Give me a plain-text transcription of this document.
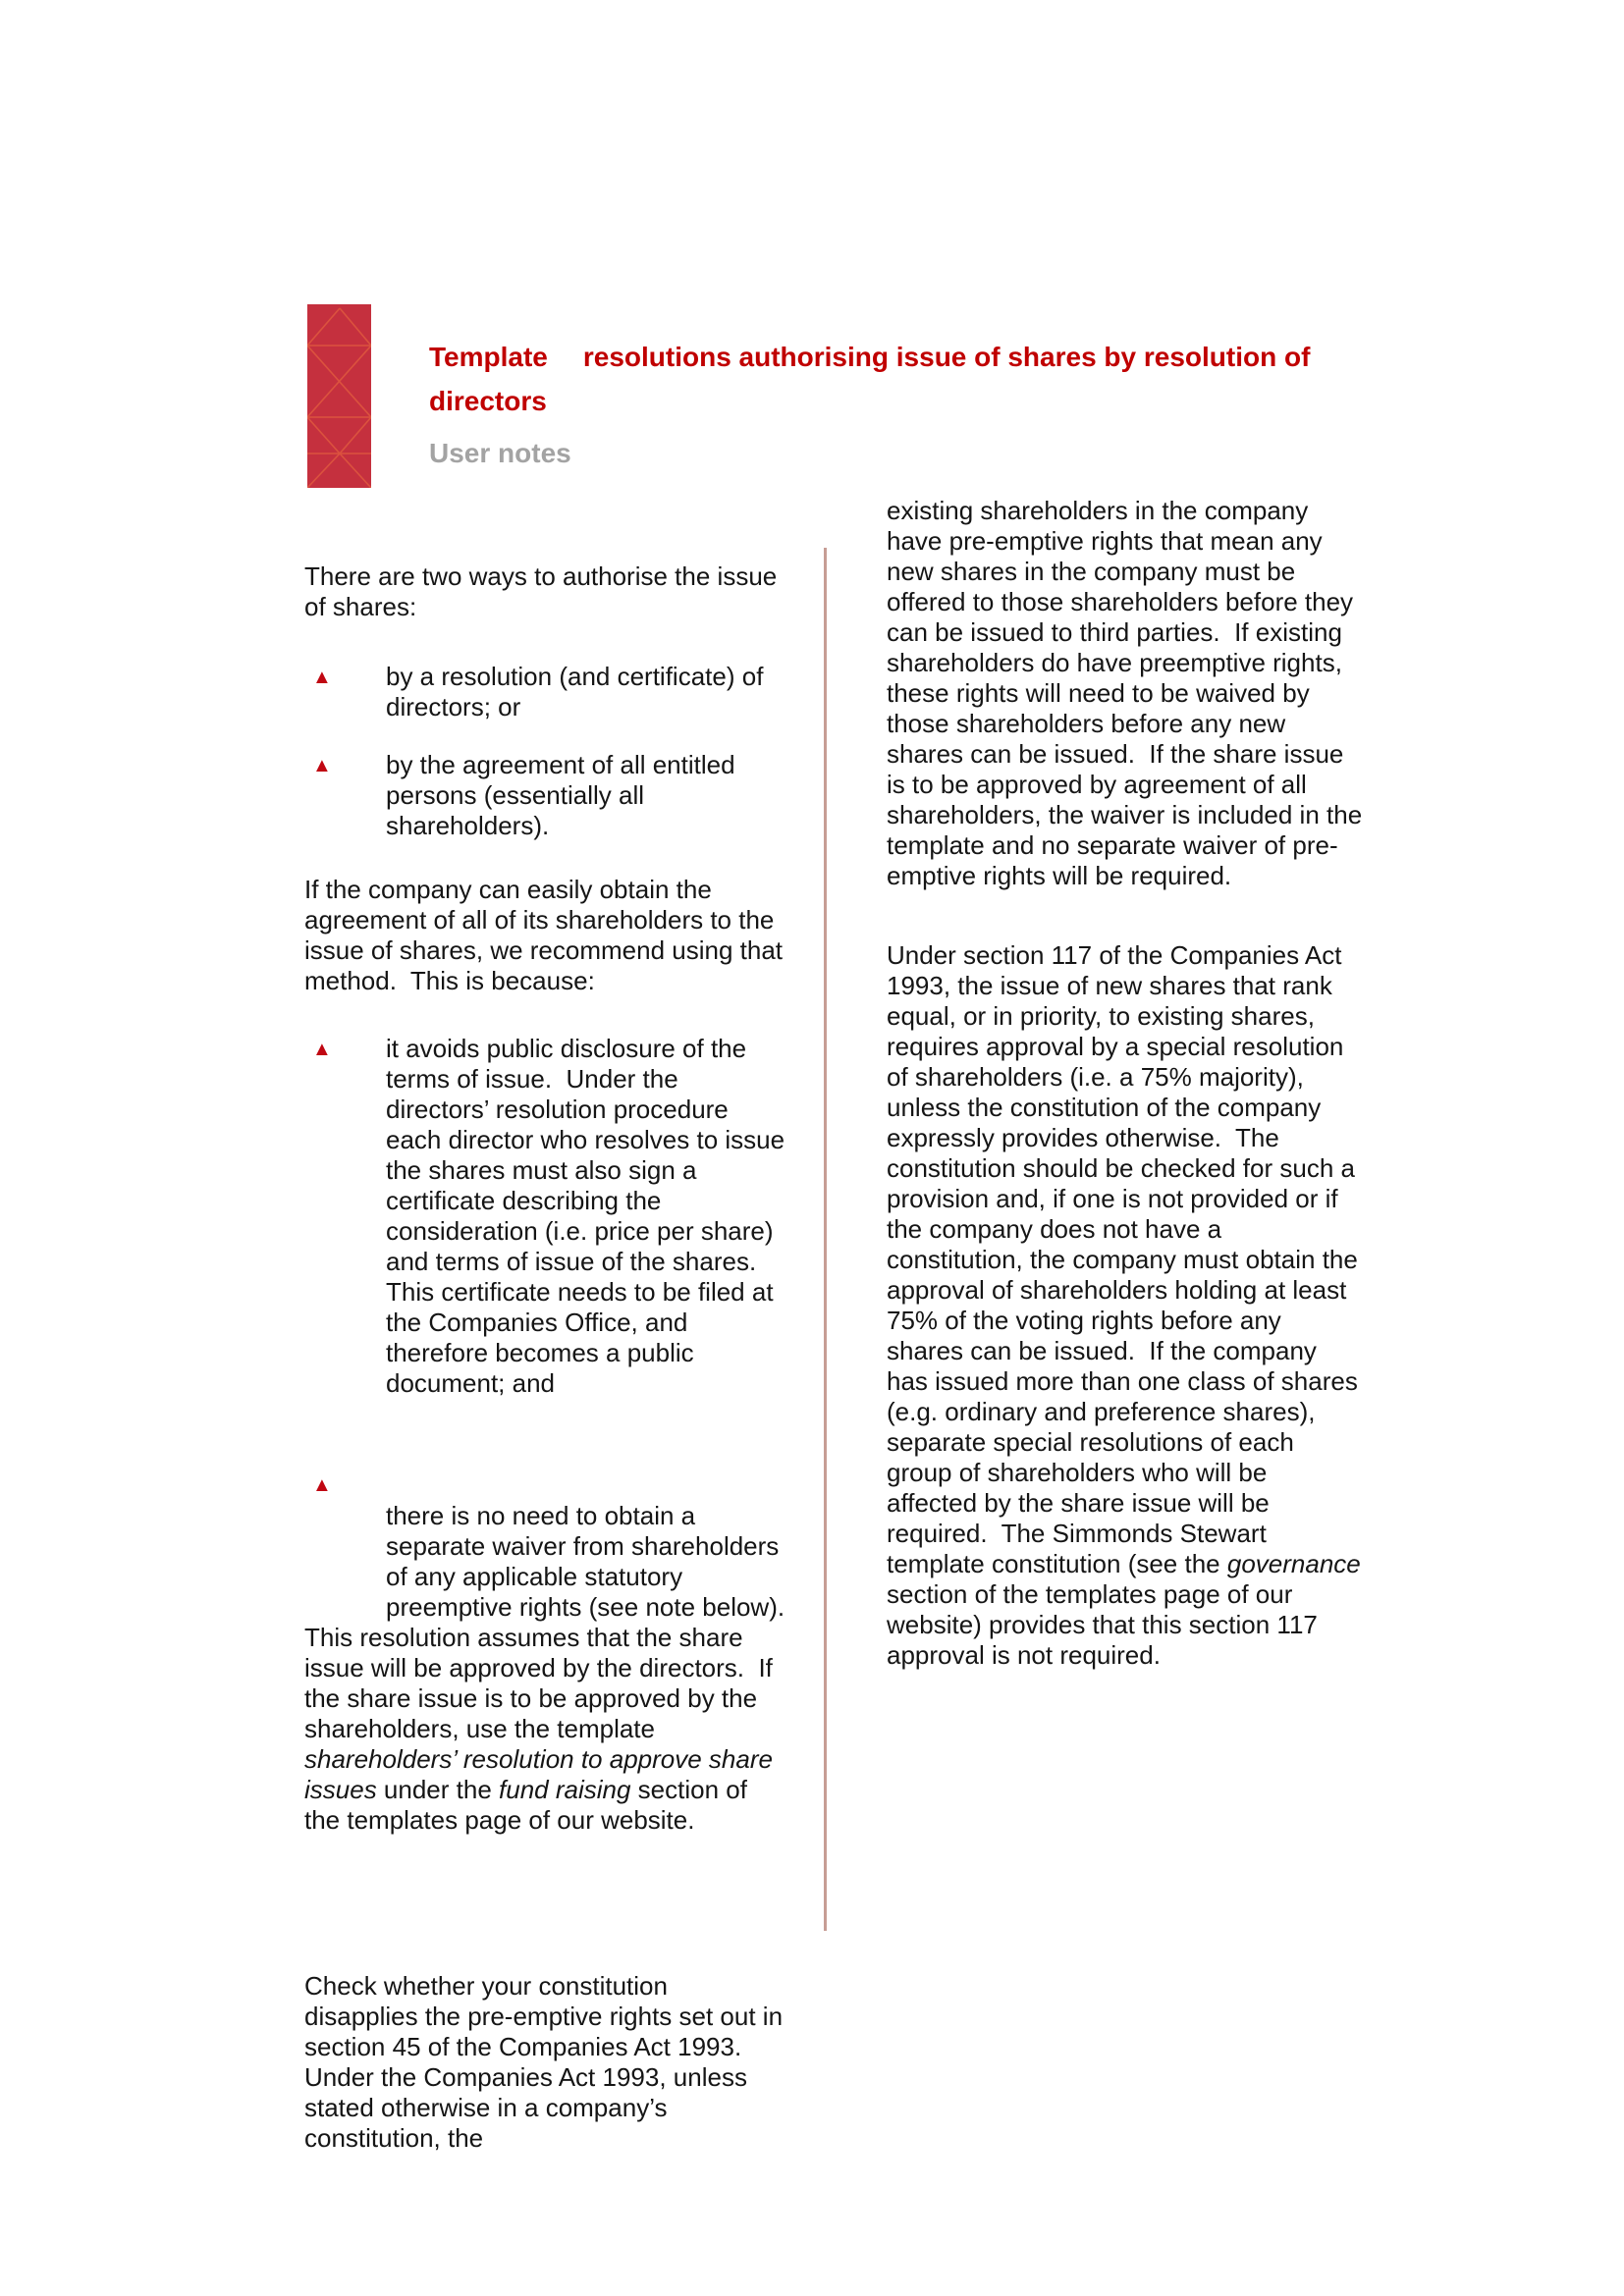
Template resolutions authorising issue of shares by resolution of
directors
User notes

There are two ways to authorise the issue of shares:

▲ by a resolution (and certificate) of directors; or
▲ by the agreement of all entitled persons (essentially all shareholders).

If the company can easily obtain the agreement of all of its shareholders to the issue of shares, we recommend using that method.  This is because:

▲ it avoids public disclosure of the terms of issue.  Under the directors’ resolution procedure each director who resolves to issue the shares must also sign a certificate describing the consideration (i.e. price per share) and terms of issue of the shares.  This certificate needs to be filed at the Companies Office, and therefore becomes a public document; and
▲
there is no need to obtain a separate waiver from shareholders of any applicable statutory preemptive rights (see note below).

This resolution assumes that the share issue will be approved by the directors.  If the share issue is to be approved by the shareholders, use the template shareholders’ resolution to approve share issues under the fund raising section of the templates page of our website.

Check whether your constitution disapplies the pre-emptive rights set out in section 45 of the Companies Act 1993.  Under the Companies Act 1993, unless stated otherwise in a company’s constitution, the

existing shareholders in the company have pre-emptive rights that mean any new shares in the company must be offered to those shareholders before they can be issued to third parties.  If existing shareholders do have preemptive rights, these rights will need to be waived by those shareholders before any new shares can be issued.  If the share issue is to be approved by agreement of all shareholders, the waiver is included in the template and no separate waiver of pre-emptive rights will be required.

Under section 117 of the Companies Act 1993, the issue of new shares that rank equal, or in priority, to existing shares, requires approval by a special resolution of shareholders (i.e. a 75% majority), unless the constitution of the company expressly provides otherwise.  The constitution should be checked for such a provision and, if one is not provided or if the company does not have a constitution, the company must obtain the approval of shareholders holding at least 75% of the voting rights before any shares can be issued.  If the company has issued more than one class of shares (e.g. ordinary and preference shares), separate special resolutions of each group of shareholders who will be affected by the share issue will be required.  The Simmonds Stewart template constitution (see the governance section of the templates page of our website) provides that this section 117 approval is not required.
